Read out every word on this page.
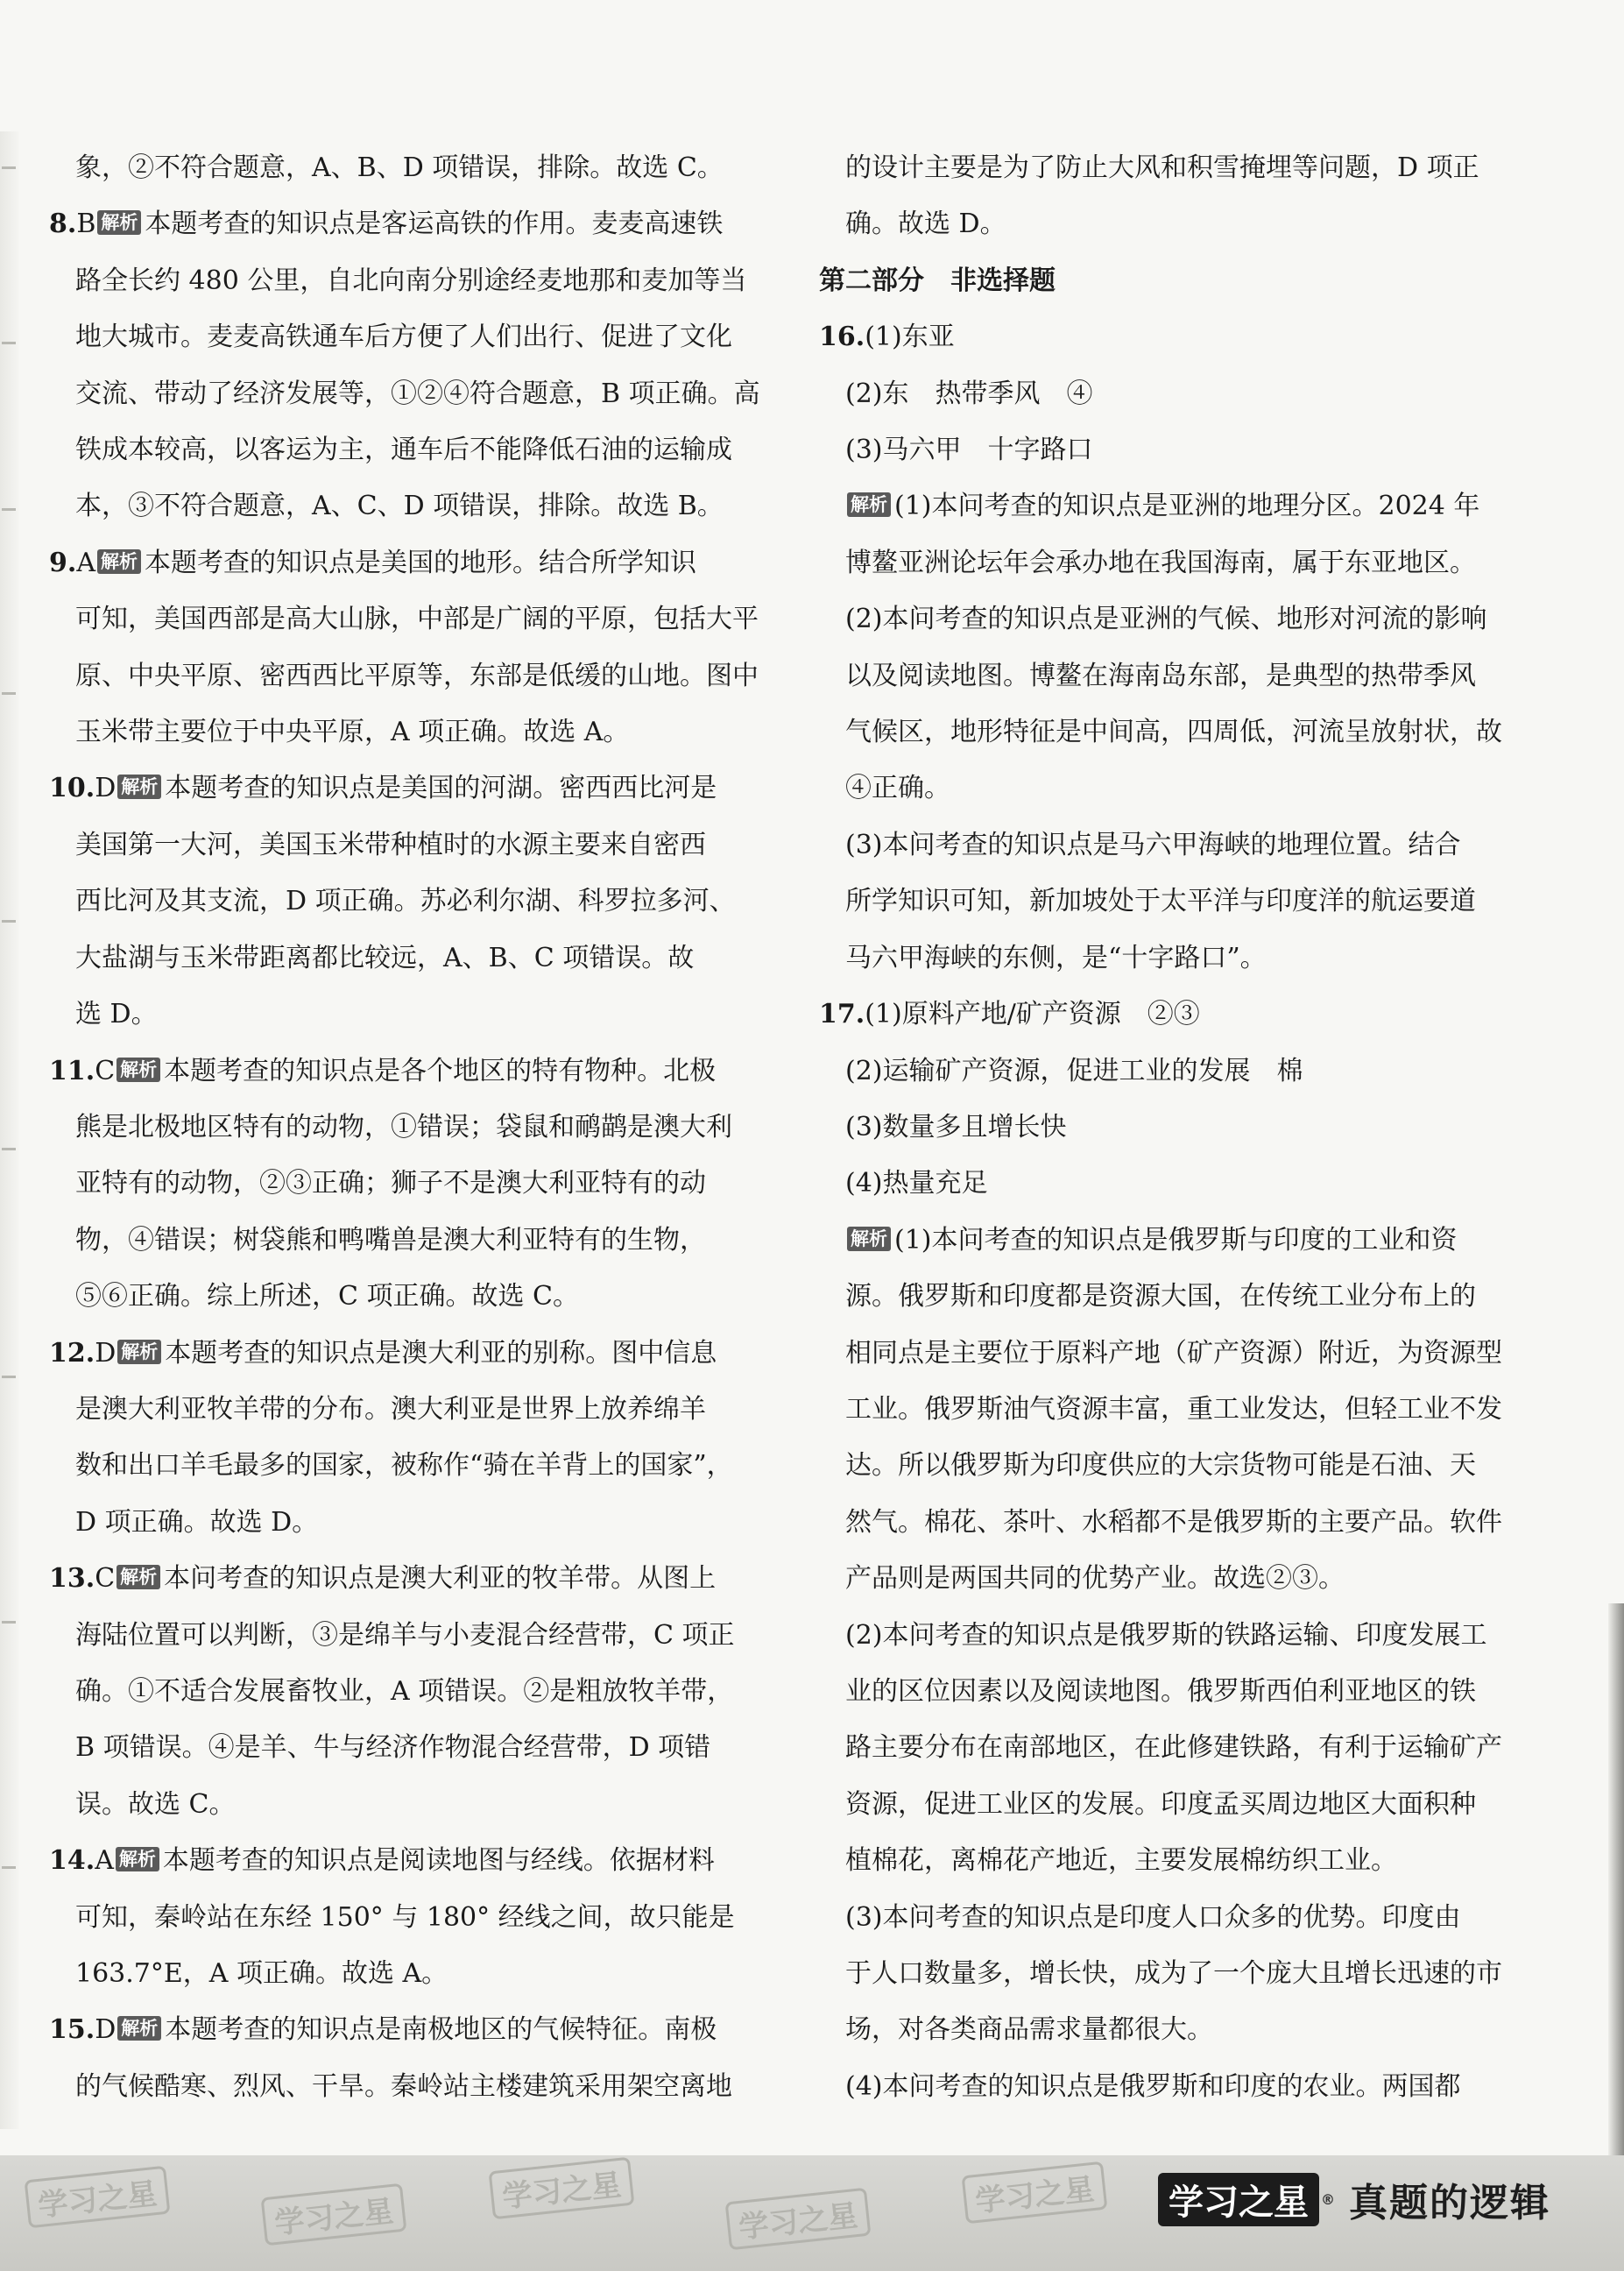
象，②不符合题意，A、B、D 项错误，排除。故选 C。
8.B 解析 本题考查的知识点是客运高铁的作用。麦麦高速铁
路全长约 480 公里，自北向南分别途经麦地那和麦加等当
地大城市。麦麦高铁通车后方便了人们出行、促进了文化
交流、带动了经济发展等，①②④符合题意，B 项正确。高
铁成本较高，以客运为主，通车后不能降低石油的运输成
本，③不符合题意，A、C、D 项错误，排除。故选 B。
9.A 解析 本题考查的知识点是美国的地形。结合所学知识
可知，美国西部是高大山脉，中部是广阔的平原，包括大平
原、中央平原、密西西比平原等，东部是低缓的山地。图中
玉米带主要位于中央平原，A 项正确。故选 A。
10.D 解析 本题考查的知识点是美国的河湖。密西西比河是
美国第一大河，美国玉米带种植时的水源主要来自密西
西比河及其支流，D 项正确。苏必利尔湖、科罗拉多河、
大盐湖与玉米带距离都比较远，A、B、C 项错误。故
选 D。
11.C 解析 本题考查的知识点是各个地区的特有物种。北极
熊是北极地区特有的动物，①错误；袋鼠和鸸鹋是澳大利
亚特有的动物，②③正确；狮子不是澳大利亚特有的动
物，④错误；树袋熊和鸭嘴兽是澳大利亚特有的生物，
⑤⑥正确。综上所述，C 项正确。故选 C。
12.D 解析 本题考查的知识点是澳大利亚的别称。图中信息
是澳大利亚牧羊带的分布。澳大利亚是世界上放养绵羊
数和出口羊毛最多的国家，被称作“骑在羊背上的国家”，
D 项正确。故选 D。
13.C 解析 本问考查的知识点是澳大利亚的牧羊带。从图上
海陆位置可以判断，③是绵羊与小麦混合经营带，C 项正
确。①不适合发展畜牧业，A 项错误。②是粗放牧羊带，
B 项错误。④是羊、牛与经济作物混合经营带，D 项错
误。故选 C。
14.A 解析 本题考查的知识点是阅读地图与经线。依据材料
可知，秦岭站在东经 150° 与 180° 经线之间，故只能是
163.7°E，A 项正确。故选 A。
15.D 解析 本题考查的知识点是南极地区的气候特征。南极
的气候酷寒、烈风、干旱。秦岭站主楼建筑采用架空离地
的设计主要是为了防止大风和积雪掩埋等问题，D 项正
确。故选 D。
第二部分　非选择题
16.(1)东亚
(2)东　热带季风　④
(3)马六甲　十字路口
解析 (1)本问考查的知识点是亚洲的地理分区。2024 年
博鳌亚洲论坛年会承办地在我国海南，属于东亚地区。
(2)本问考查的知识点是亚洲的气候、地形对河流的影响
以及阅读地图。博鳌在海南岛东部，是典型的热带季风
气候区，地形特征是中间高，四周低，河流呈放射状，故
④正确。
(3)本问考查的知识点是马六甲海峡的地理位置。结合
所学知识可知，新加坡处于太平洋与印度洋的航运要道
马六甲海峡的东侧，是“十字路口”。
17.(1)原料产地/矿产资源　②③
(2)运输矿产资源，促进工业的发展　棉
(3)数量多且增长快
(4)热量充足
解析 (1)本问考查的知识点是俄罗斯与印度的工业和资
源。俄罗斯和印度都是资源大国，在传统工业分布上的
相同点是主要位于原料产地（矿产资源）附近，为资源型
工业。俄罗斯油气资源丰富，重工业发达，但轻工业不发
达。所以俄罗斯为印度供应的大宗货物可能是石油、天
然气。棉花、茶叶、水稻都不是俄罗斯的主要产品。软件
产品则是两国共同的优势产业。故选②③。
(2)本问考查的知识点是俄罗斯的铁路运输、印度发展工
业的区位因素以及阅读地图。俄罗斯西伯利亚地区的铁
路主要分布在南部地区，在此修建铁路，有利于运输矿产
资源，促进工业区的发展。印度孟买周边地区大面积种
植棉花，离棉花产地近，主要发展棉纺织工业。
(3)本问考查的知识点是印度人口众多的优势。印度由
于人口数量多，增长快，成为了一个庞大且增长迅速的市
场，对各类商品需求量都很大。
(4)本问考查的知识点是俄罗斯和印度的农业。两国都
学习之星	学习之星
学习之星
学习之星
学习之星	学习之星 ® 真题的逻辑
